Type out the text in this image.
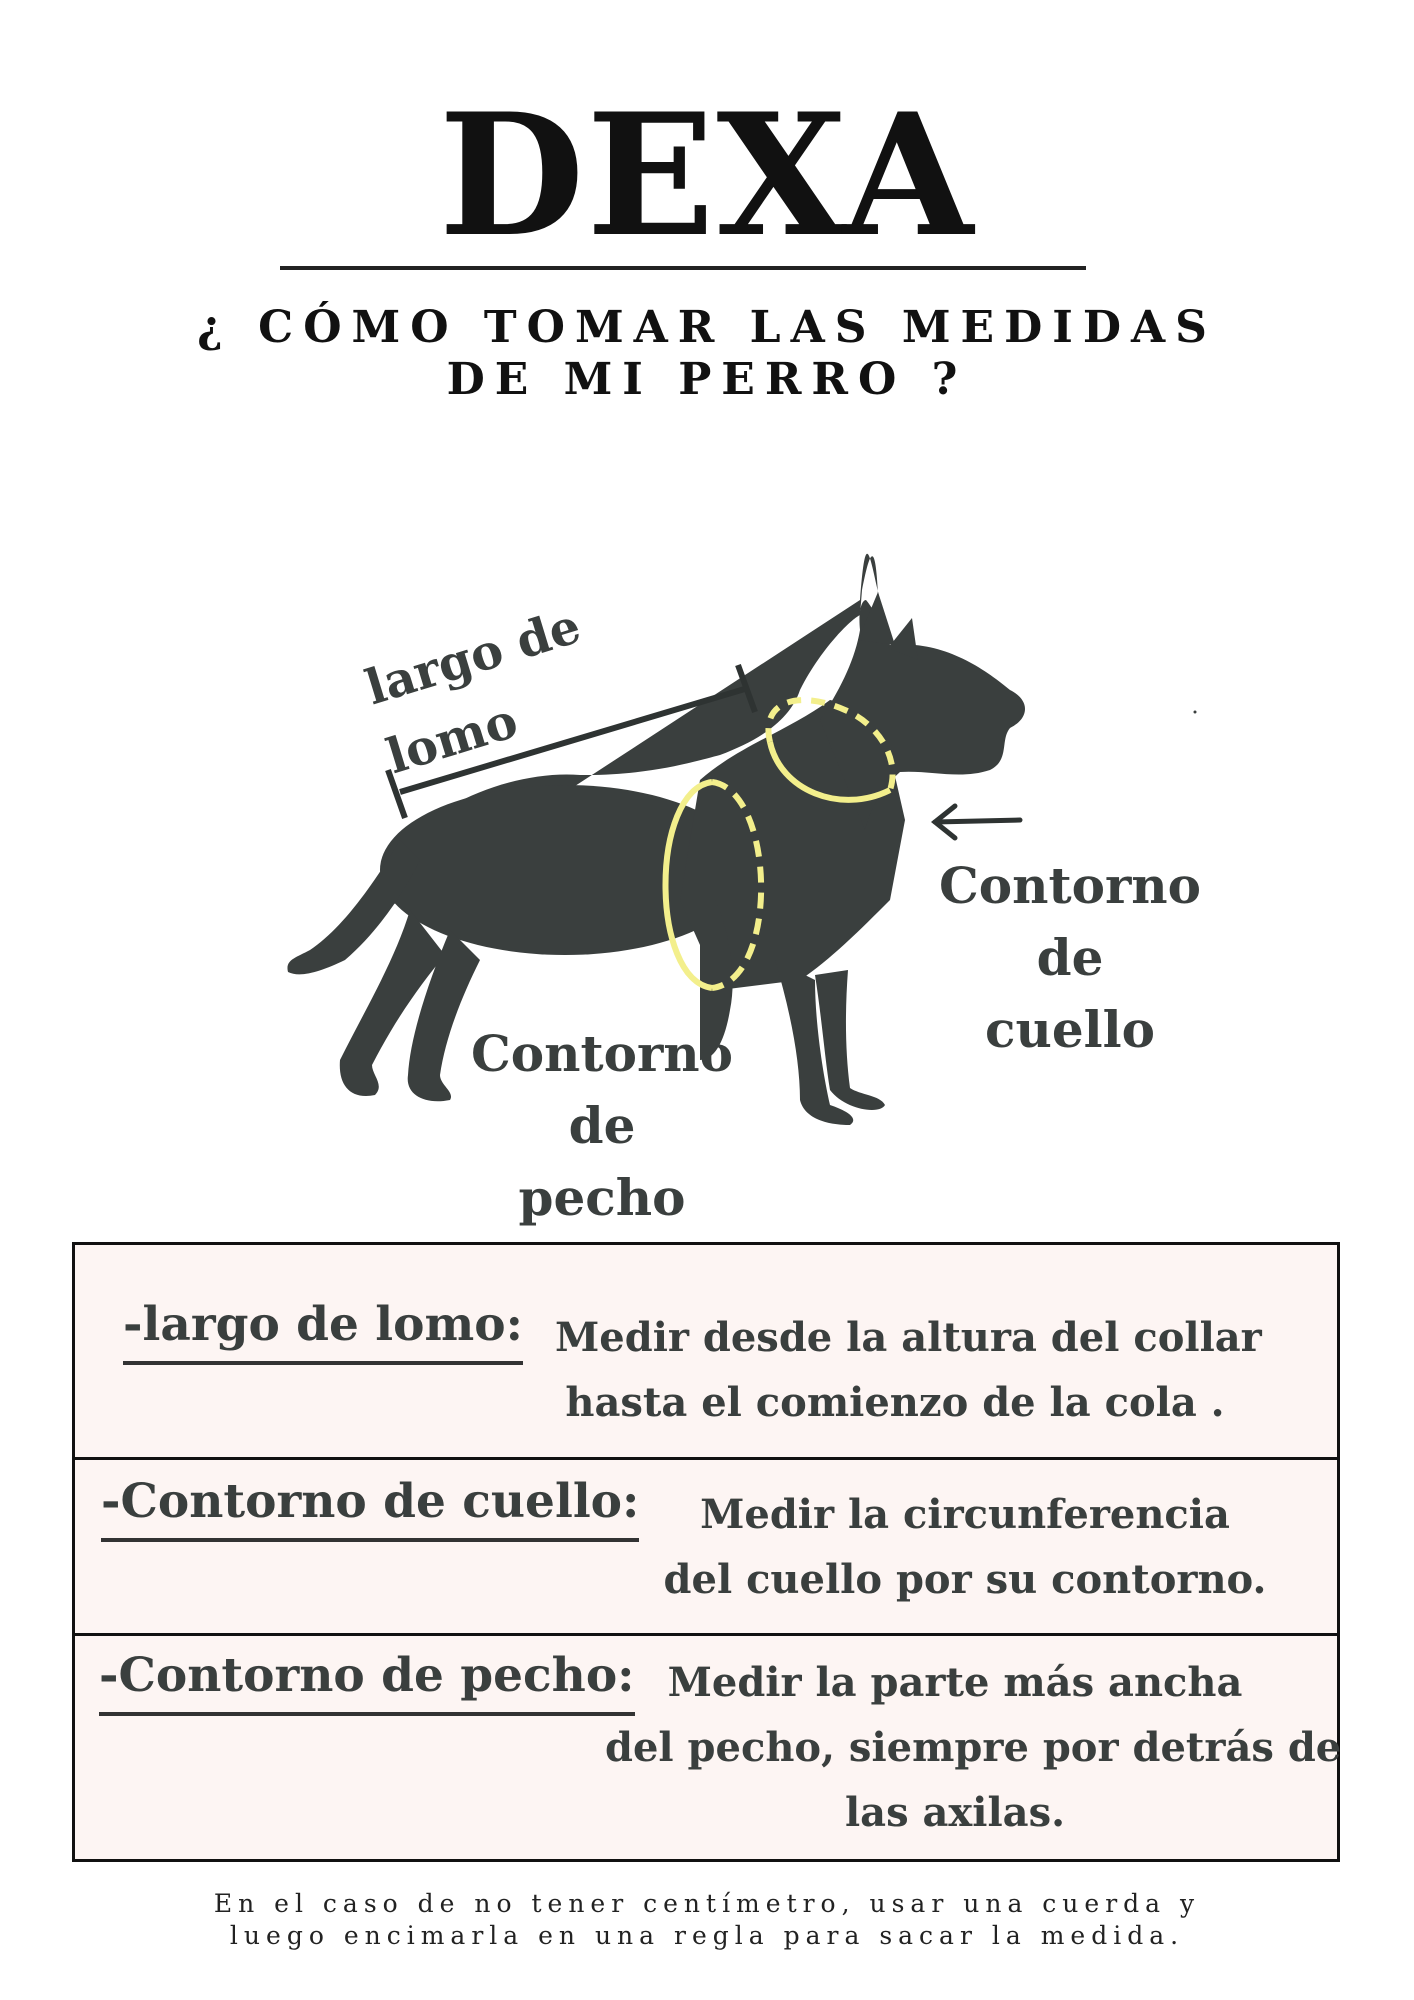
DEXA
¿ CÓMO TOMAR LAS MEDIDAS
DE MI PERRO ?
largo de lomo
Contorno de
cuello
Contorno de
pecho
-largo de lomo: Medir desde la altura del collar
hasta el comienzo de la cola .
-Contorno de cuello:	Medir la circunferencia
del cuello por su contorno.
-Contorno de pecho: Medir la parte más ancha
del pecho, siempre por detrás de
las axilas.
En el caso de no tener centímetro, usar una cuerda y
luego encimarla en una regla para sacar la medida.
